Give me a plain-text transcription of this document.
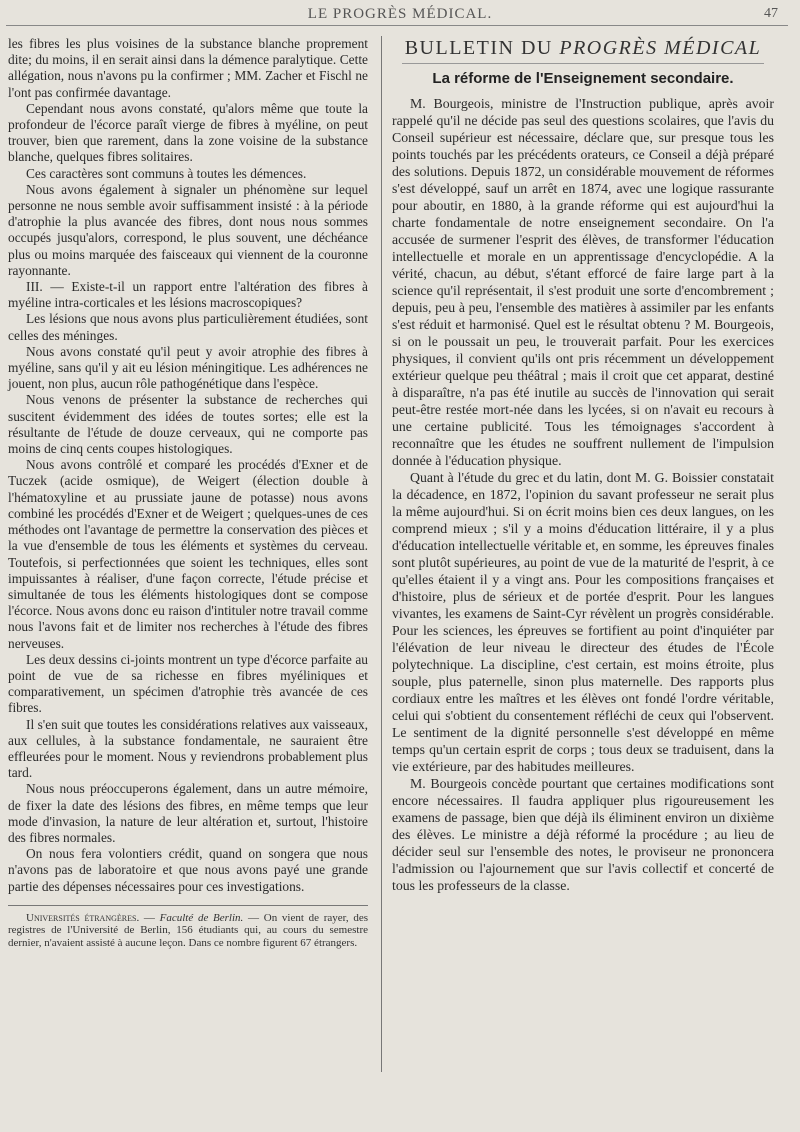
LE PROGRÈS MÉDICAL.	47

les fibres les plus voisines de la substance blanche proprement dite; du moins, il en serait ainsi dans la démence paralytique. Cette allégation, nous n'avons pu la confirmer ; MM. Zacher et Fischl ne l'ont pas confirmée davantage.

Cependant nous avons constaté, qu'alors même que toute la profondeur de l'écorce paraît vierge de fibres à myéline, on peut trouver, bien que rarement, dans la zone voisine de la substance blanche, quelques fibres solitaires.

Ces caractères sont communs à toutes les démences.

Nous avons également à signaler un phénomène sur lequel personne ne nous semble avoir suffisamment insisté : à la période d'atrophie la plus avancée des fibres, dont nous nous sommes occupés jusqu'alors, correspond, le plus souvent, une déchéance plus ou moins marquée des faisceaux qui viennent de la couronne rayonnante.

III. — Existe-t-il un rapport entre l'altération des fibres à myéline intra-corticales et les lésions macroscopiques?

Les lésions que nous avons plus particulièrement étudiées, sont celles des méninges.

Nous avons constaté qu'il peut y avoir atrophie des fibres à myéline, sans qu'il y ait eu lésion méningitique. Les adhérences ne jouent, non plus, aucun rôle pathogénétique dans l'espèce.

Nous venons de présenter la substance de recherches qui suscitent évidemment des idées de toutes sortes; elle est la résultante de l'étude de douze cerveaux, qui ne comporte pas moins de cinq cents coupes histologiques.

Nous avons contrôlé et comparé les procédés d'Exner et de Tuczek (acide osmique), de Weigert (élection double à l'hématoxyline et au prussiate jaune de potasse) nous avons combiné les procédés d'Exner et de Weigert ; quelques-unes de ces méthodes ont l'avantage de permettre la conservation des pièces et la vue d'ensemble de tous les éléments et systèmes du cerveau. Toutefois, si perfectionnées que soient les techniques, elles sont impuissantes à réaliser, d'une façon correcte, l'étude précise et simultanée de tous les éléments histologiques dont se compose l'écorce. Nous avons donc eu raison d'intituler notre travail comme nous l'avons fait et de limiter nos recherches à l'étude des fibres nerveuses.

Les deux dessins ci-joints montrent un type d'écorce parfaite au point de vue de sa richesse en fibres myéliniques et comparativement, un spécimen d'atrophie très avancée de ces fibres.

Il s'en suit que toutes les considérations relatives aux vaisseaux, aux cellules, à la substance fondamentale, ne sauraient être effleurées pour le moment. Nous y reviendrons probablement plus tard.

Nous nous préoccuperons également, dans un autre mémoire, de fixer la date des lésions des fibres, en même temps que leur mode d'invasion, la nature de leur altération et, surtout, l'histoire des fibres normales.

On nous fera volontiers crédit, quand on songera que nous n'avons pas de laboratoire et que nous avons payé une grande partie des dépenses nécessaires pour ces investigations.

Universités étrangères. — Faculté de Berlin. — On vient de rayer, des registres de l'Université de Berlin, 156 étudiants qui, au cours du semestre dernier, n'avaient assisté à aucune leçon. Dans ce nombre figurent 67 étrangers.

BULLETIN DU PROGRÈS MÉDICAL
La réforme de l'Enseignement secondaire.

M. Bourgeois, ministre de l'Instruction publique, après avoir rappelé qu'il ne décide pas seul des questions scolaires, que l'avis du Conseil supérieur est nécessaire, déclare que, sur presque tous les points touchés par les précédents orateurs, ce Conseil a déjà préparé des solutions. Depuis 1872, un considérable mouvement de réformes s'est développé, sauf un arrêt en 1874, avec une logique rassurante pour aboutir, en 1880, à la grande réforme qui est aujourd'hui la charte fondamentale de notre enseignement secondaire. On l'a accusée de surmener l'esprit des élèves, de transformer l'éducation intellectuelle et morale en un apprentissage d'encyclopédie. A la vérité, chacun, au début, s'étant efforcé de faire large part à la science qu'il représentait, il s'est produit une sorte d'encombrement ; depuis, peu à peu, l'ensemble des matières à assimiler par les enfants s'est réduit et harmonisé. Quel est le résultat obtenu ? M. Bourgeois, si on le poussait un peu, le trouverait parfait. Pour les exercices physiques, il convient qu'ils ont pris récemment un développement extérieur quelque peu théâtral ; mais il croit que cet apparat, destiné à disparaître, n'a pas été inutile au succès de l'innovation qui serait peut-être restée mort-née dans les lycées, si on n'avait eu recours à une certaine publicité. Tous les témoignages s'accordent à reconnaître que les études ne souffrent nullement de l'impulsion donnée à l'éducation physique.

Quant à l'étude du grec et du latin, dont M. G. Boissier constatait la décadence, en 1872, l'opinion du savant professeur ne serait plus la même aujourd'hui. Si on écrit moins bien ces deux langues, on les comprend mieux ; s'il y a moins d'éducation littéraire, il y a plus d'éducation intellectuelle véritable et, en somme, les épreuves finales sont plutôt supérieures, au point de vue de la maturité de l'esprit, à ce qu'elles étaient il y a vingt ans. Pour les compositions françaises et d'histoire, plus de sérieux et de portée d'esprit. Pour les langues vivantes, les examens de Saint-Cyr révèlent un progrès considérable. Pour les sciences, les épreuves se fortifient au point d'inquiéter par l'élévation de leur niveau le directeur des études de l'École polytechnique. La discipline, c'est certain, est moins étroite, plus souple, plus paternelle, sinon plus maternelle. Des rapports plus cordiaux entre les maîtres et les élèves ont fondé l'ordre véritable, celui qui s'obtient du consentement réfléchi de ceux qui l'observent. Le sentiment de la dignité personnelle s'est développé en même temps qu'un certain esprit de corps ; tous deux se traduisent, dans la vie extérieure, par des habitudes meilleures.

M. Bourgeois concède pourtant que certaines modifications sont encore nécessaires. Il faudra appliquer plus rigoureusement les examens de passage, bien que déjà ils éliminent environ un dixième des élèves. Le ministre a déjà réformé la procédure ; au lieu de décider seul sur l'ensemble des notes, le proviseur ne prononcera l'admission ou l'ajournement que sur l'avis collectif et concerté de tous les professeurs de la classe.
